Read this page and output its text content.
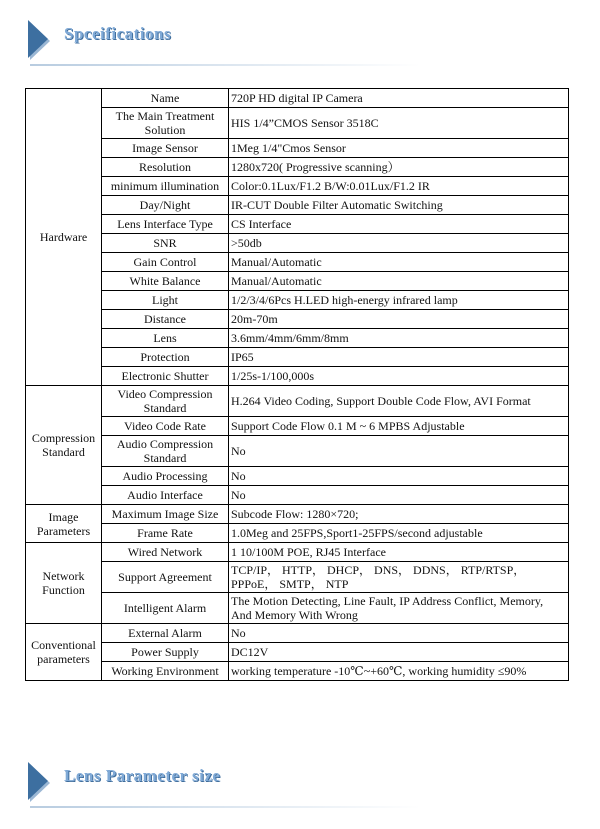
Spceifications
Hardware	Name	720P HD digital IP Camera
	The Main Treatment Solution	HIS 1/4”CMOS Sensor 3518C
	Image Sensor	1Meg 1/4"Cmos Sensor
	Resolution	1280x720( Progressive scanning）
	minimum illumination	Color:0.1Lux/F1.2 B/W:0.01Lux/F1.2 IR
	Day/Night	IR-CUT Double Filter Automatic Switching
	Lens Interface Type	CS Interface
	SNR	>50db
	Gain Control	Manual/Automatic
	White Balance	Manual/Automatic
	Light	1/2/3/4/6Pcs H.LED high-energy infrared lamp
	Distance	20m-70m
	Lens	3.6mm/4mm/6mm/8mm
	Protection	IP65
	Electronic Shutter	1/25s-1/100,000s
Compression Standard	Video Compression Standard	H.264 Video Coding, Support Double Code Flow, AVI Format
	Video Code Rate	Support Code Flow 0.1 M ~ 6 MPBS Adjustable
	Audio Compression Standard	No
	Audio Processing	No
	Audio Interface	No
Image Parameters	Maximum Image Size	Subcode Flow: 1280×720;
	Frame Rate	1.0Meg and 25FPS,Sport1-25FPS/second adjustable
Network Function	Wired Network	1 10/100M POE, RJ45 Interface
	Support Agreement	TCP/IP， HTTP， DHCP， DNS， DDNS， RTP/RTSP， PPPoE， SMTP， NTP
	Intelligent Alarm	The Motion Detecting, Line Fault, IP Address Conflict, Memory, And Memory With Wrong
Conventional parameters	External Alarm	No
	Power Supply	DC12V
	Working Environment	working temperature -10℃~+60℃, working humidity ≤90%
Lens Parameter size
